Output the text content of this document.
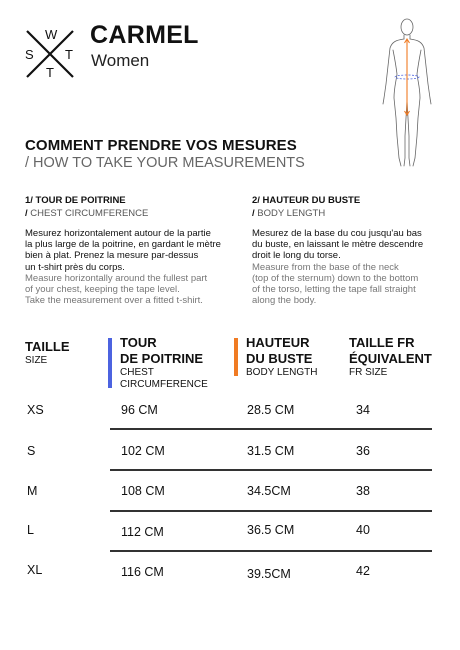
W
S T
T
CARMEL
Women
COMMENT PRENDRE VOS MESURES
/ HOW TO TAKE YOUR MEASUREMENTS
1/ TOUR DE POITRINE
/ CHEST CIRCUMFERENCE
Mesurez horizontalement autour de la partie
la plus large de la poitrine, en gardant le mètre
bien à plat. Prenez la mesure par-dessus
un t-shirt près du corps.
Measure horizontally around the fullest part
of your chest, keeping the tape level.
Take the measurement over a fitted t-shirt.
2/ HAUTEUR DU BUSTE
/ BODY LENGTH
Mesurez de la base du cou jusqu'au bas
du buste, en laissant le mètre descendre
droit le long du torse.
Measure from the base of the neck
(top of the sternum) down to the bottom
of the torso, letting the tape fall straight
along the body.
TAILLE
SIZE
TOUR
DE POITRINE
CHEST
CIRCUMFERENCE
HAUTEUR
DU BUSTE
BODY LENGTH
TAILLE FR
ÉQUIVALENT
FR SIZE
XS	96 CM	28.5 CM	34
S	102 CM	31.5 CM	36
M	108 CM	34.5CM	38
L	112 CM	36.5 CM	40
XL	116 CM	39.5CM	42
